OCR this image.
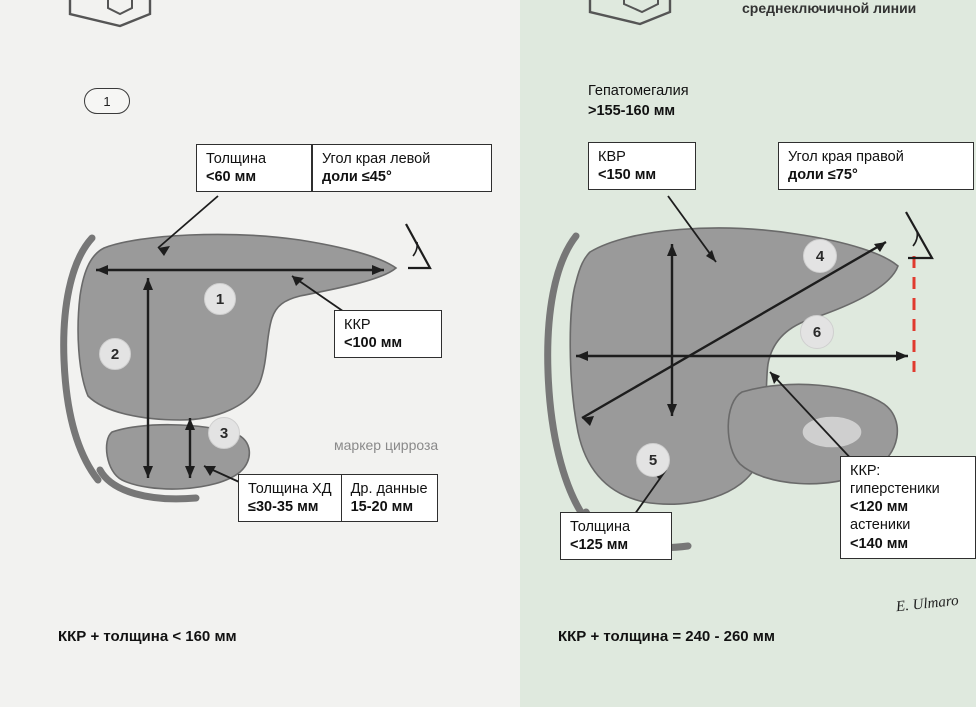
1
1
2
3
Толщина
<60 мм
Угол края левой
доли ≤45°
ККР
<100 мм
Толщина ХД
≤30-35 мм
Др. данные
15-20 мм
маркер цирроза
ККР + толщина < 160 мм
среднеключичной линии
Гепатомегалия
>155-160 мм
4
6
5
КВР
<150 мм
Угол края правой
доли ≤75°
Толщина
<125 мм
ККР:
гиперстеники
<120 мм
астеники
<140 мм
E. Ulmaro
ККР + толщина = 240 - 260 мм
